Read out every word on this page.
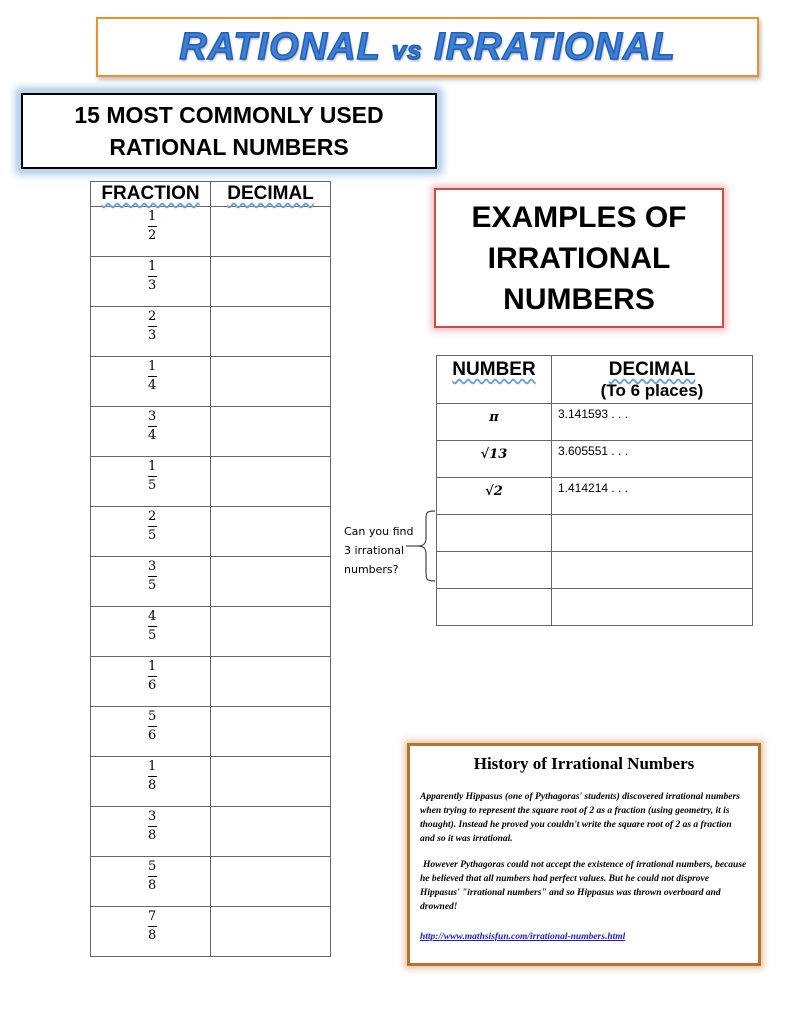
RATIONAL vs IRRATIONAL
15 MOST COMMONLY USED
RATIONAL NUMBERS
FRACTION	DECIMAL

$\frac{1}{2}$

$\frac{1}{3}$

$\frac{2}{3}$

$\frac{1}{4}$

$\frac{3}{4}$

$\frac{1}{5}$

$\frac{2}{5}$

$\frac{3}{5}$

$\frac{4}{5}$

$\frac{1}{6}$

$\frac{5}{6}$

$\frac{1}{8}$

$\frac{3}{8}$

$\frac{5}{8}$

$\frac{7}{8}$

EXAMPLES OF
IRRATIONAL
NUMBERS
NUMBER	DECIMAL
(To 6 places)

π	3.141593 . . .

√13	3.605551 . . .

√2	1.414214 . . .

Can you find
3 irrational
numbers?
History of Irrational Numbers

Apparently Hippasus (one of Pythagoras' students) discovered irrational numbers when trying to represent the square root of 2 as a fraction (using geometry, it is thought). Instead he proved you couldn't write the square root of 2 as a fraction and so it was irrational.

However Pythagoras could not accept the existence of irrational numbers, because he believed that all numbers had perfect values. But he could not disprove Hippasus' "irrational numbers" and so Hippasus was thrown overboard and drowned!

http://www.mathsisfun.com/irrational-numbers.html
